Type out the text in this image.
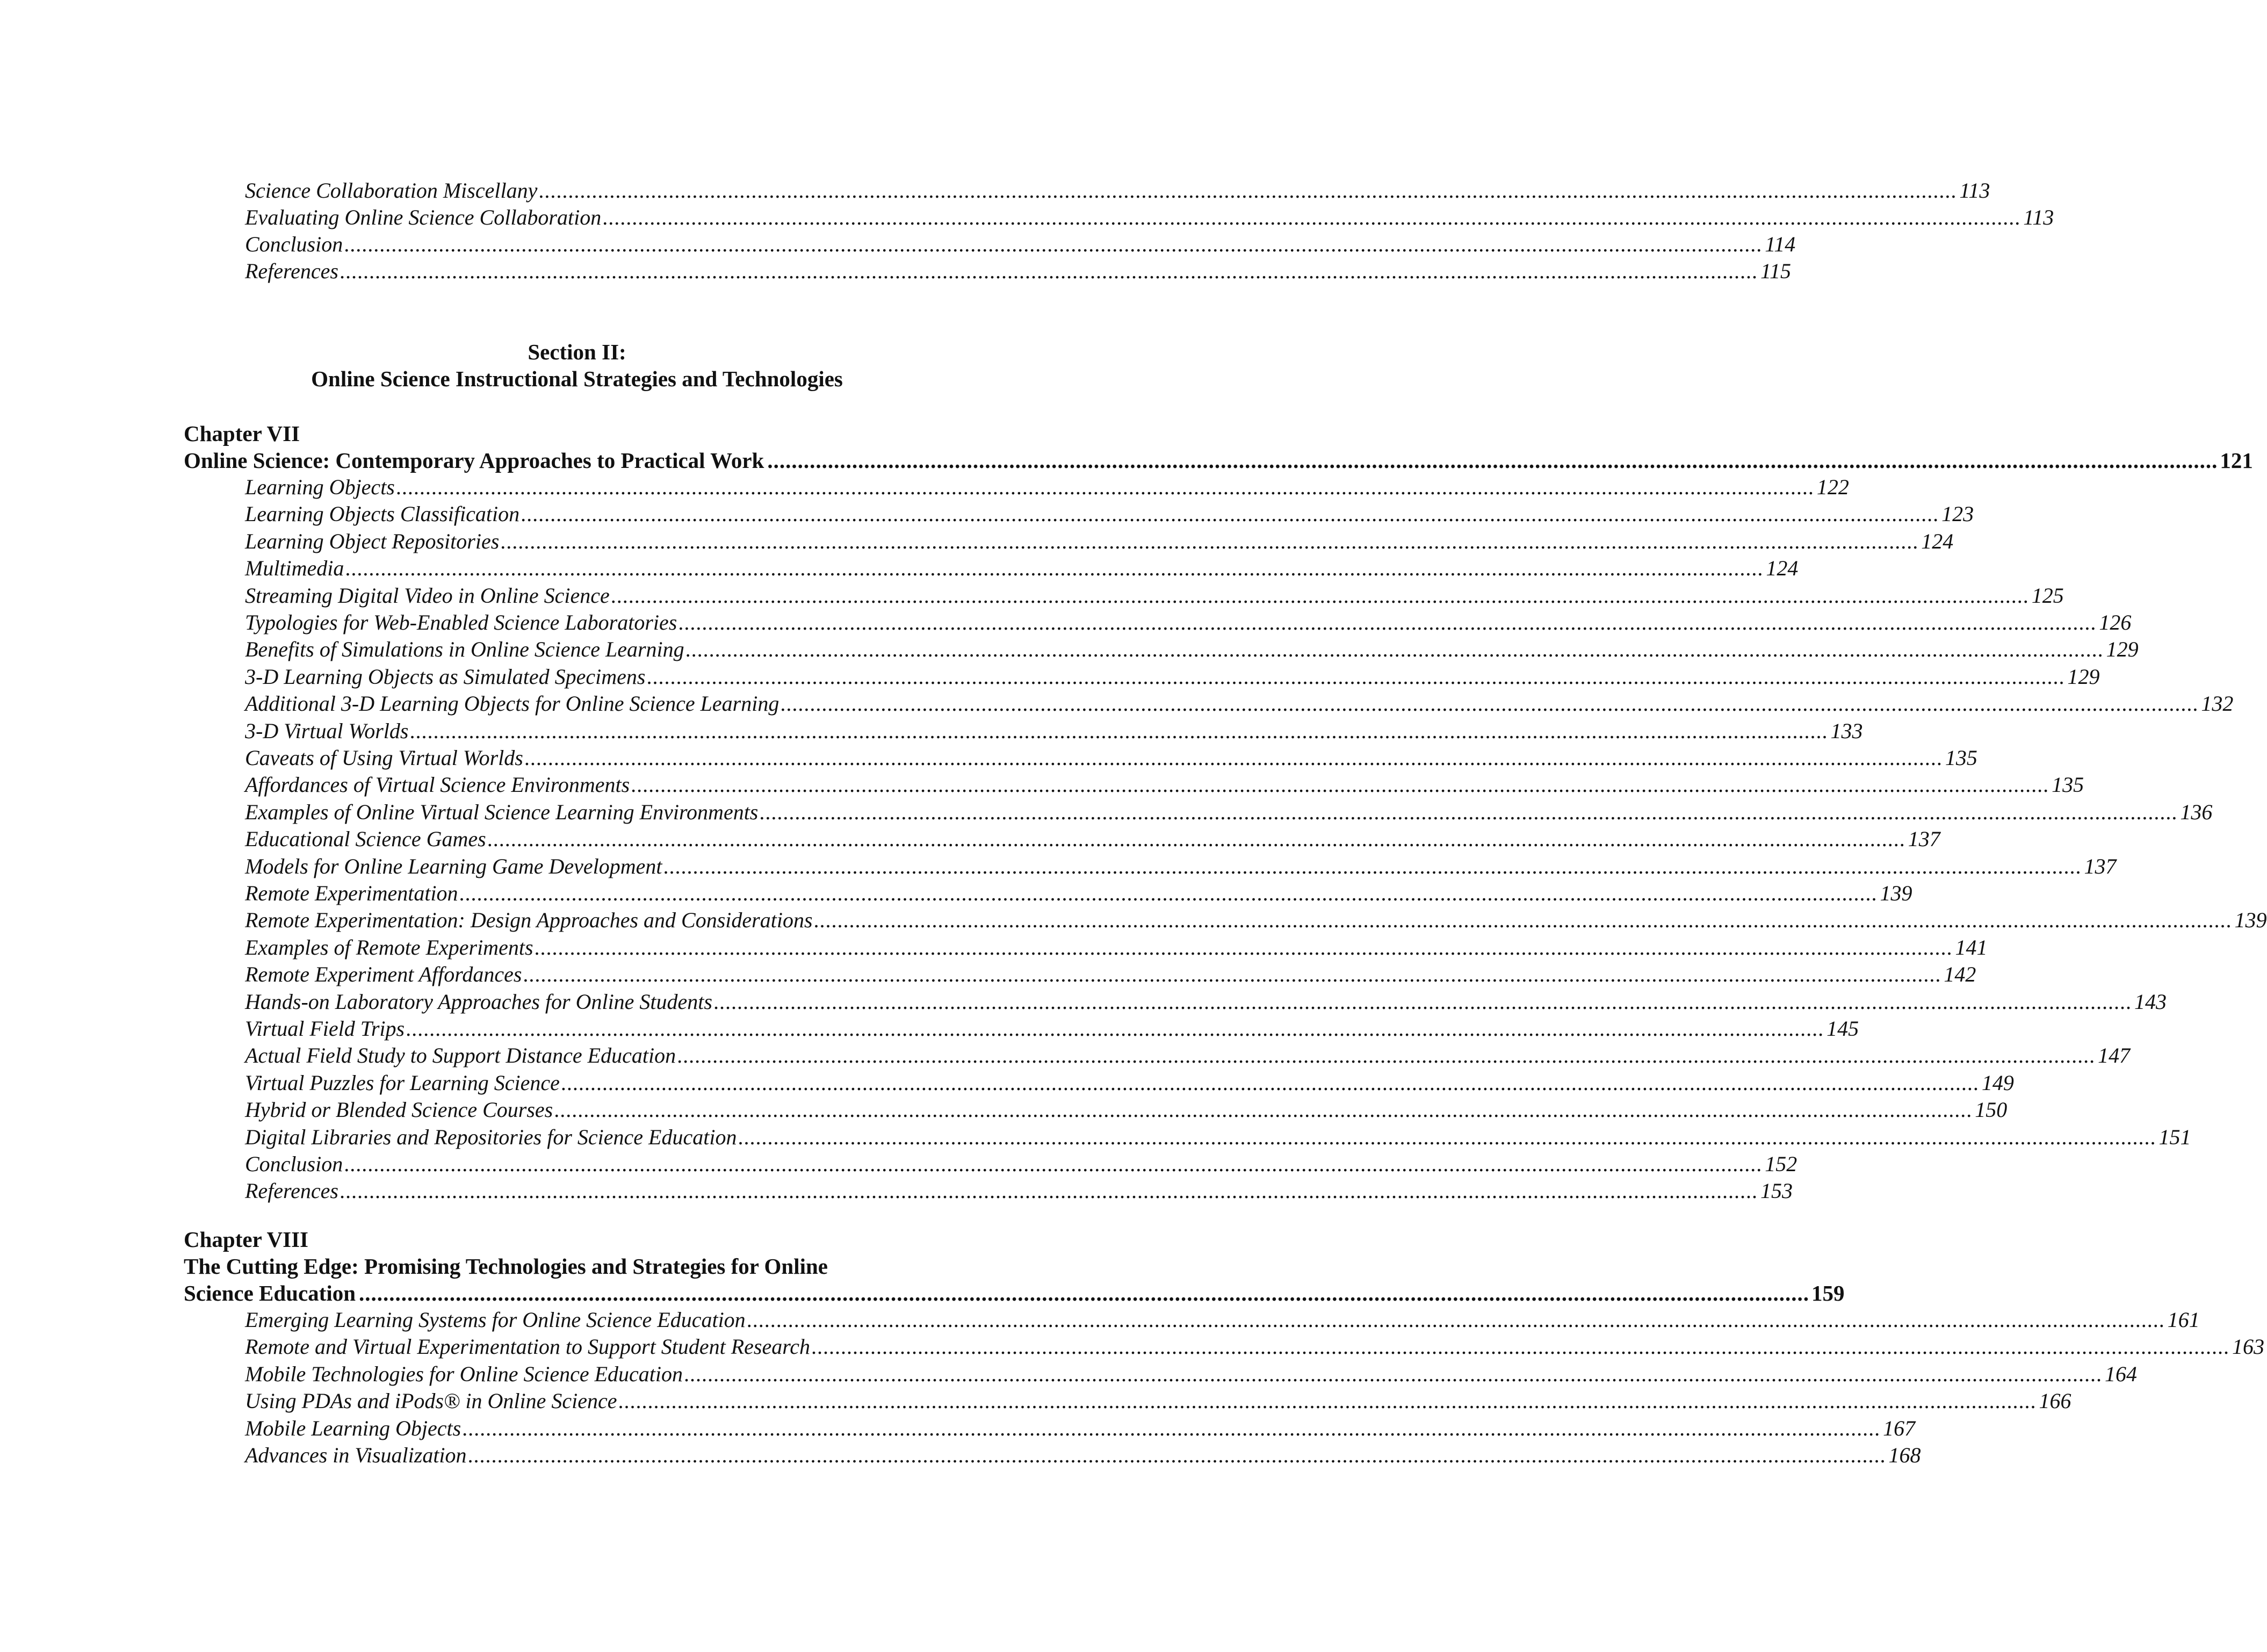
Science Collaboration Miscellany ................................................................................................................................................................................................................................................ 113
Evaluating Online Science Collaboration ................................................................................................................................................................................................................................................ 113
Conclusion ................................................................................................................................................................................................................................................ 114
References ................................................................................................................................................................................................................................................ 115
Section II:
Online Science Instructional Strategies and Technologies
Chapter VII
Online Science: Contemporary Approaches to Practical Work ................................................................................................................................................................................................................................................ 121
Learning Objects ................................................................................................................................................................................................................................................ 122
Learning Objects Classification ................................................................................................................................................................................................................................................ 123
Learning Object Repositories ................................................................................................................................................................................................................................................ 124
Multimedia ................................................................................................................................................................................................................................................ 124
Streaming Digital Video in Online Science ................................................................................................................................................................................................................................................ 125
Typologies for Web-Enabled Science Laboratories ................................................................................................................................................................................................................................................ 126
Benefits of Simulations in Online Science Learning ................................................................................................................................................................................................................................................ 129
3-D Learning Objects as Simulated Specimens ................................................................................................................................................................................................................................................ 129
Additional 3-D Learning Objects for Online Science Learning ................................................................................................................................................................................................................................................ 132
3-D Virtual Worlds ................................................................................................................................................................................................................................................ 133
Caveats of Using Virtual Worlds ................................................................................................................................................................................................................................................ 135
Affordances of Virtual Science Environments ................................................................................................................................................................................................................................................ 135
Examples of Online Virtual Science Learning Environments ................................................................................................................................................................................................................................................ 136
Educational Science Games ................................................................................................................................................................................................................................................ 137
Models for Online Learning Game Development ................................................................................................................................................................................................................................................ 137
Remote Experimentation ................................................................................................................................................................................................................................................ 139
Remote Experimentation: Design Approaches and Considerations ................................................................................................................................................................................................................................................ 139
Examples of Remote Experiments ................................................................................................................................................................................................................................................ 141
Remote Experiment Affordances ................................................................................................................................................................................................................................................ 142
Hands-on Laboratory Approaches for Online Students ................................................................................................................................................................................................................................................ 143
Virtual Field Trips ................................................................................................................................................................................................................................................ 145
Actual Field Study to Support Distance Education ................................................................................................................................................................................................................................................ 147
Virtual Puzzles for Learning Science ................................................................................................................................................................................................................................................ 149
Hybrid or Blended Science Courses ................................................................................................................................................................................................................................................ 150
Digital Libraries and Repositories for Science Education ................................................................................................................................................................................................................................................ 151
Conclusion ................................................................................................................................................................................................................................................ 152
References ................................................................................................................................................................................................................................................ 153
Chapter VIII
The Cutting Edge: Promising Technologies and Strategies for Online
Science Education ................................................................................................................................................................................................................................................ 159
Emerging Learning Systems for Online Science Education ................................................................................................................................................................................................................................................ 161
Remote and Virtual Experimentation to Support Student Research ................................................................................................................................................................................................................................................ 163
Mobile Technologies for Online Science Education ................................................................................................................................................................................................................................................ 164
Using PDAs and iPods® in Online Science ................................................................................................................................................................................................................................................ 166
Mobile Learning Objects ................................................................................................................................................................................................................................................ 167
Advances in Visualization ................................................................................................................................................................................................................................................ 168
